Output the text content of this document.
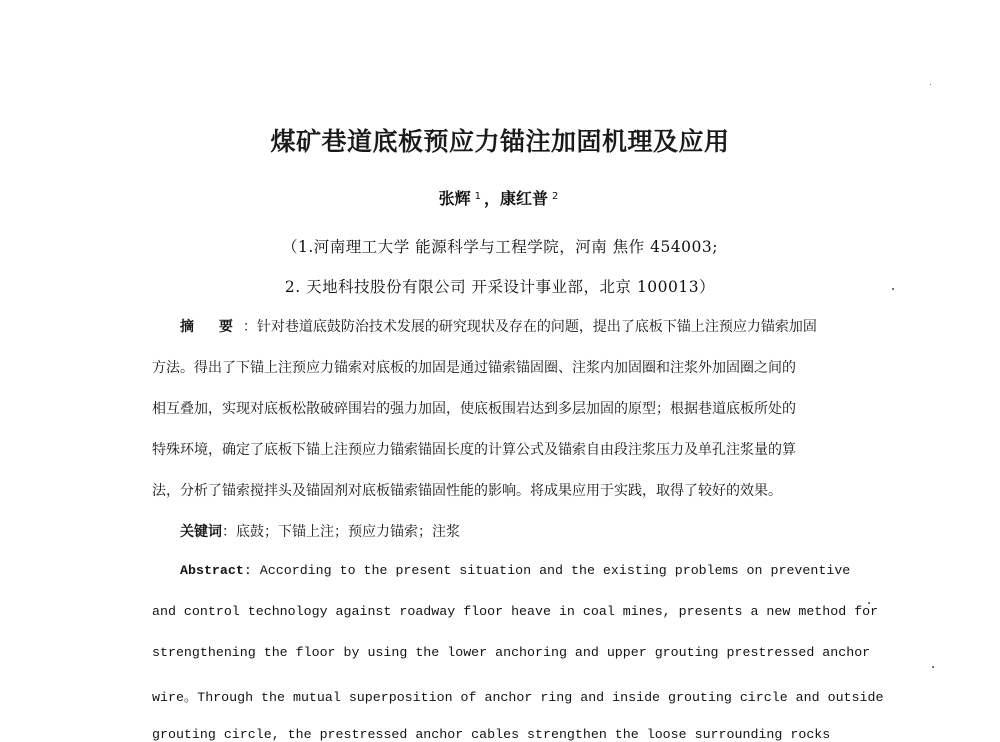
煤矿巷道底板预应力锚注加固机理及应用
张辉 $^1$ ，康红普 $^2$
（1.河南理工大学 能源科学与工程学院，河南 焦作 454003;
2. 天地科技股份有限公司 开采设计事业部，北京 100013）
摘 要：针对巷道底鼓防治技术发展的研究现状及存在的问题，提出了底板下锚上注预应力锚索加固
方法。得出了下锚上注预应力锚索对底板的加固是通过锚索锚固圈、注浆内加固圈和注浆外加固圈之间的
相互叠加，实现对底板松散破碎围岩的强力加固，使底板围岩达到多层加固的原型；根据巷道底板所处的
特殊环境，确定了底板下锚上注预应力锚索锚固长度的计算公式及锚索自由段注浆压力及单孔注浆量的算
法，分析了锚索搅拌头及锚固剂对底板锚索锚固性能的影响。将成果应用于实践，取得了较好的效果。
关键词：底鼓；下锚上注；预应力锚索；注浆
Abstract: According to the present situation and the existing problems on preventive
and control technology against roadway floor heave in coal mines, presents a new method for
strengthening the floor by using the lower anchoring and upper grouting prestressed anchor
wire。Through the mutual superposition of anchor ring and inside grouting circle and outside
grouting circle, the prestressed anchor cables strengthen the loose surrounding rocks
